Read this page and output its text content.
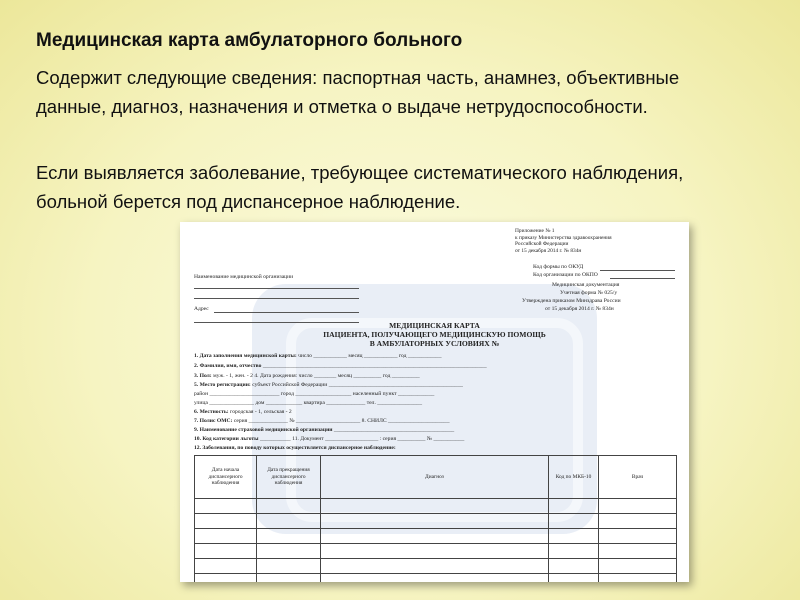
Медицинская карта амбулаторного больного

Содержит следующие сведения: паспортная часть, анамнез, объективные данные, диагноз, назначения и отметка о выдаче нетрудоспособности.

Если выявляется заболевание, требующее систематического наблюдения, больной берется под диспансерное наблюдение.

Приложение № 1
к приказу Министерства здравоохранения
Российской Федерации
от 15 декабря 2014 г. № 834н
Код формы по ОКУД
Код организации по ОКПО
Медицинская документация
Учетная форма № 025/у
Утверждена приказом Минздрава России
от 15 декабря 2014 г. № 834н
Наименование медицинской организации
Адрес
МЕДИЦИНСКАЯ КАРТА
ПАЦИЕНТА, ПОЛУЧАЮЩЕГО МЕДИЦИНСКУЮ ПОМОЩЬ
В АМБУЛАТОРНЫХ УСЛОВИЯХ №
1. Дата заполнения медицинской карты: число ____________ месяц ____________ год ____________
2. Фамилия, имя, отчество ________________________________________________________________________________
3. Пол: муж. - 1, жен. - 2 4. Дата рождения: число ________ месяц __________ год __________
5. Место регистрации: субъект Российской Федерации ________________________________________________
район _________________________ город ____________________ населенный пункт _____________
улица ________________ дом _____________ квартира ______________ тел. ________________
6. Местность: городская - 1, сельская - 2
7. Полис ОМС: серия ______________ № _______________________ 8. СНИЛС ______________________
9. Наименование страховой медицинской организации ___________________________________________
10. Код категории льготы ___________ 11. Документ ___________________ : серия __________ № ___________
12. Заболевания, по поводу которых осуществляется диспансерное наблюдение:
Дата начала диспансерного наблюдения	Дата прекращения диспансерного наблюдения	Диагноз	Код по МКБ-10	Врач
